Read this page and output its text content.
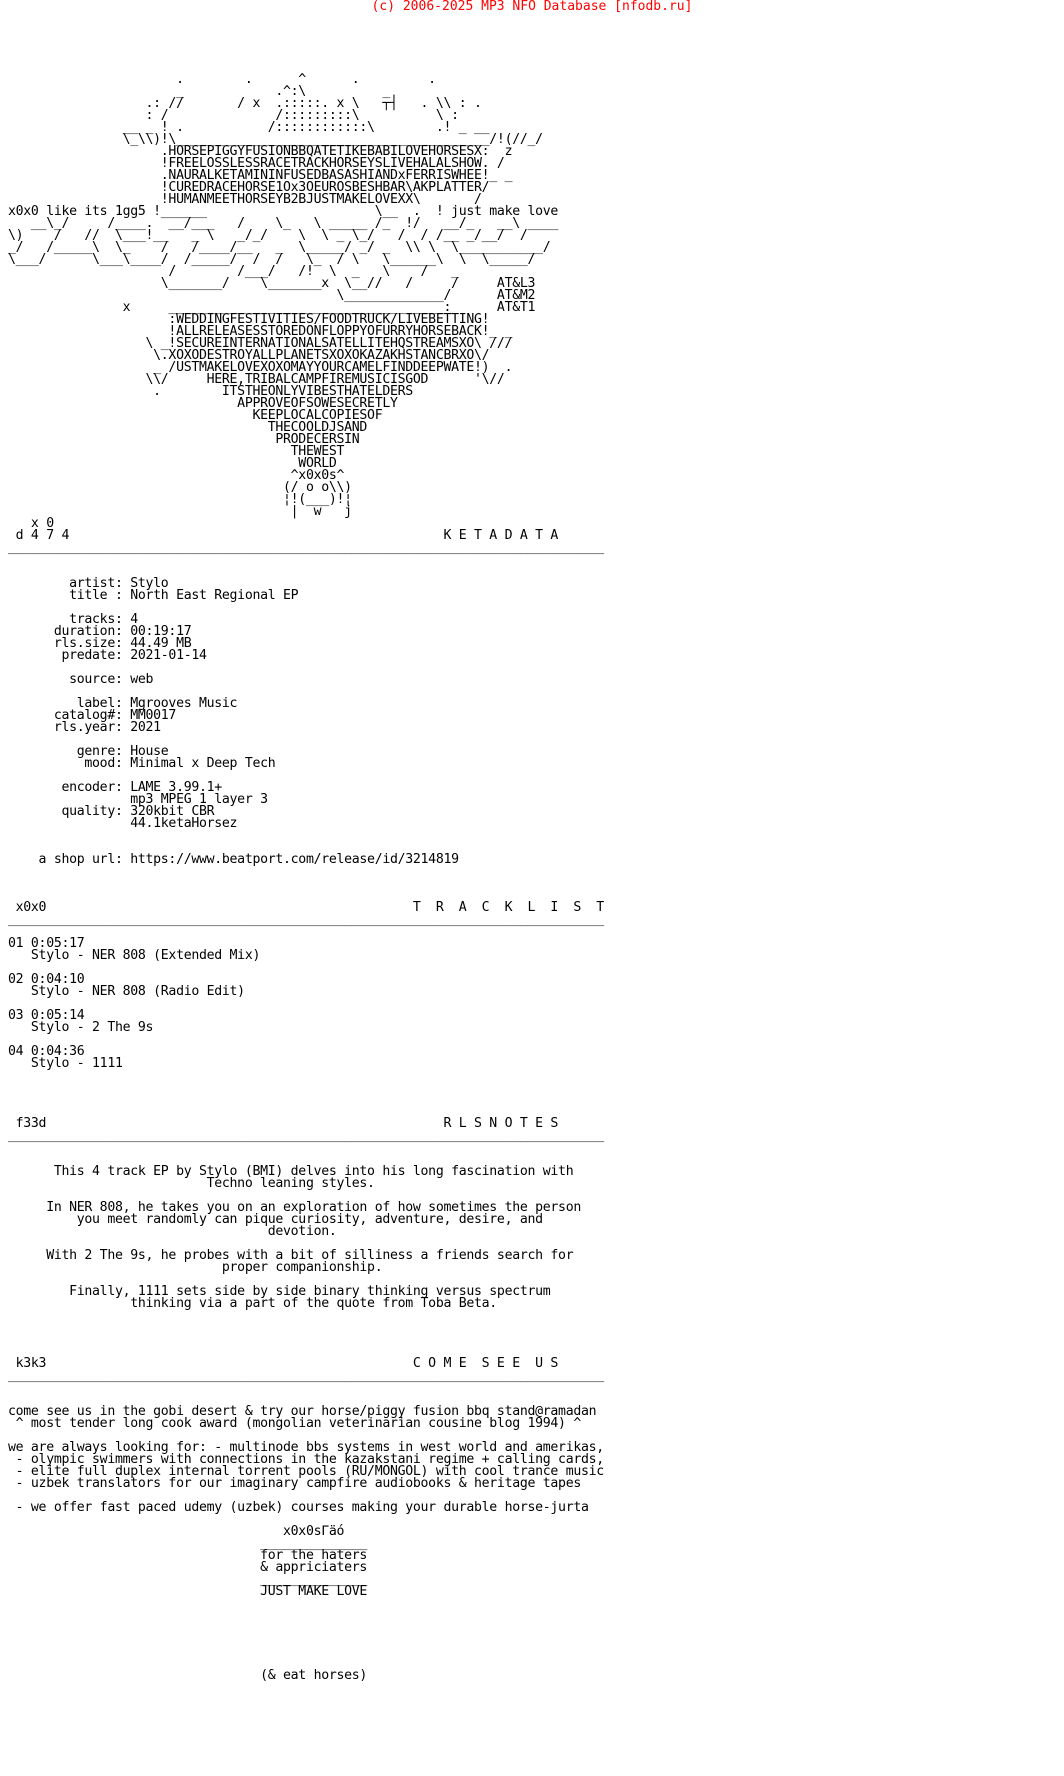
(c) 2006-2025 MP3 NFO Database [nfodb.ru]
.        .      ^      .         .
_            .^:\          _
.: //       / x  .:::::. x \   ┬┤   . \\ : .
: /              /:::::::::\          \ :
__ _ ! .           /::::::::::::\        .! _ __
\_\\)!\_________________________________________/!(//_/
.HORSEPIGGYFUSIONBBQATETIKEBABILOVEHORSESX:  z
!FREELOSSLESSRACETRACKHORSEYSLIVEHALALSHOW. /
.NAURALKETAMININFUSEDBASASHIANDxFERRISWHEE!_ _
!CUREDRACEHORSE1Ox3OEUROSBESHBAR\AKPLATTER/
!HUMANMEETHORSEYB2BJUSTMAKELOVEXX\       /
x0x0 like its 1gg5 !______                      \__  .  ! just make love
__\_/     /____.  __/___   /    \_   \ _____ /_  !/   __/_   __\ ____
\)    /   //  \___!__   _ \   _/_/    \  \ _ \_/   /  / /__ _/__/  /
_/   /_____\  \_    /   /____/__   _  \_____/ _/ _  \\ \  \___________/
\___/      \___\____/  /_____/  /  /   \_  / \   \______\  \  \_____/
/        /___/   /!  \  _   \    /   _
\_______/    \_______x  \__//   /     /     AT&L3
\_____________/      AT&M2
x     ____________________________________:      AT&T1
:WEDDINGFESTIVITIES/FOODTRUCK/LIVEBETTING!
!ALLRELEASESSTOREDONFLOPPYOFURRYHORSEBACK!_ _
\ _!SECUREINTERNATIONALSATELLITEHQSTREAMSXO\ ///
\.XOXODESTROYALLPLANETSXOXOKAZAKHSTANCBRXO\/
_ /USTMAKELOVEXOXOMAYYOURCAMELFINDDEEPWATE!)  .
\\/     HERE,TRIBALCAMPFIREMUSICISGOD      '\//
.        ITSTHEONLYVIBESTHATELDERS
APPROVEOFSOWESECRETLY
KEEPLOCALCOPIESOF
THECOOLDJSAND
PRODECERSIN
THEWEST
WORLD
^x0x0s^
(/ o o\\)
¦!(___)!¦
|  w   j
x 0
d 4 7 4                                                 K E T A D A T A
______________________________________________________________________________

artist: Stylo
title : North East Regional EP

tracks: 4
duration: 00:19:17
rls.size: 44.49 MB
predate: 2021-01-14

source: web

label: Mgrooves Music
catalog#: MM0017
rls.year: 2021

genre: House
mood: Minimal x Deep Tech

encoder: LAME 3.99.1+
mp3 MPEG 1 layer 3
quality: 320kbit CBR
44.1ketaHorsez

a shop url: https://www.beatport.com/release/id/3214819

x0x0                                                T  R  A  C  K  L  I  S  T
______________________________________________________________________________

01 0:05:17
Stylo - NER 808 (Extended Mix)

02 0:04:10
Stylo - NER 808 (Radio Edit)

03 0:05:14
Stylo - 2 The 9s

04 0:04:36
Stylo - 1111

f33d                                                    R L S N O T E S
______________________________________________________________________________

This 4 track EP by Stylo (BMI) delves into his long fascination with
Techno leaning styles.

In NER 808, he takes you on an exploration of how sometimes the person
you meet randomly can pique curiosity, adventure, desire, and
devotion.

With 2 The 9s, he probes with a bit of silliness a friends search for
proper companionship.

Finally, 1111 sets side by side binary thinking versus spectrum
thinking via a part of the quote from Toba Beta.

k3k3                                                C O M E  S E E  U S
______________________________________________________________________________

come see us in the gobi desert & try our horse/piggy fusion bbq stand@ramadan
^ most tender long cook award (mongolian veterinarian cousine blog 1994) ^

we are always looking for: - multinode bbs systems in west world and amerikas,
- olympic swimmers with connections in the kazakstani regime + calling cards,
- elite full duplex internal torrent pools (RU/MONGOL) with cool trance music
- uzbek translators for our imaginary campfire audiobooks & heritage tapes

- we offer fast paced udemy (uzbek) courses making your durable horse-jurta

x0x0sΓäó
______________
for the haters
& appriciaters
______________
JUST MAKE LOVE

(& eat horses)
